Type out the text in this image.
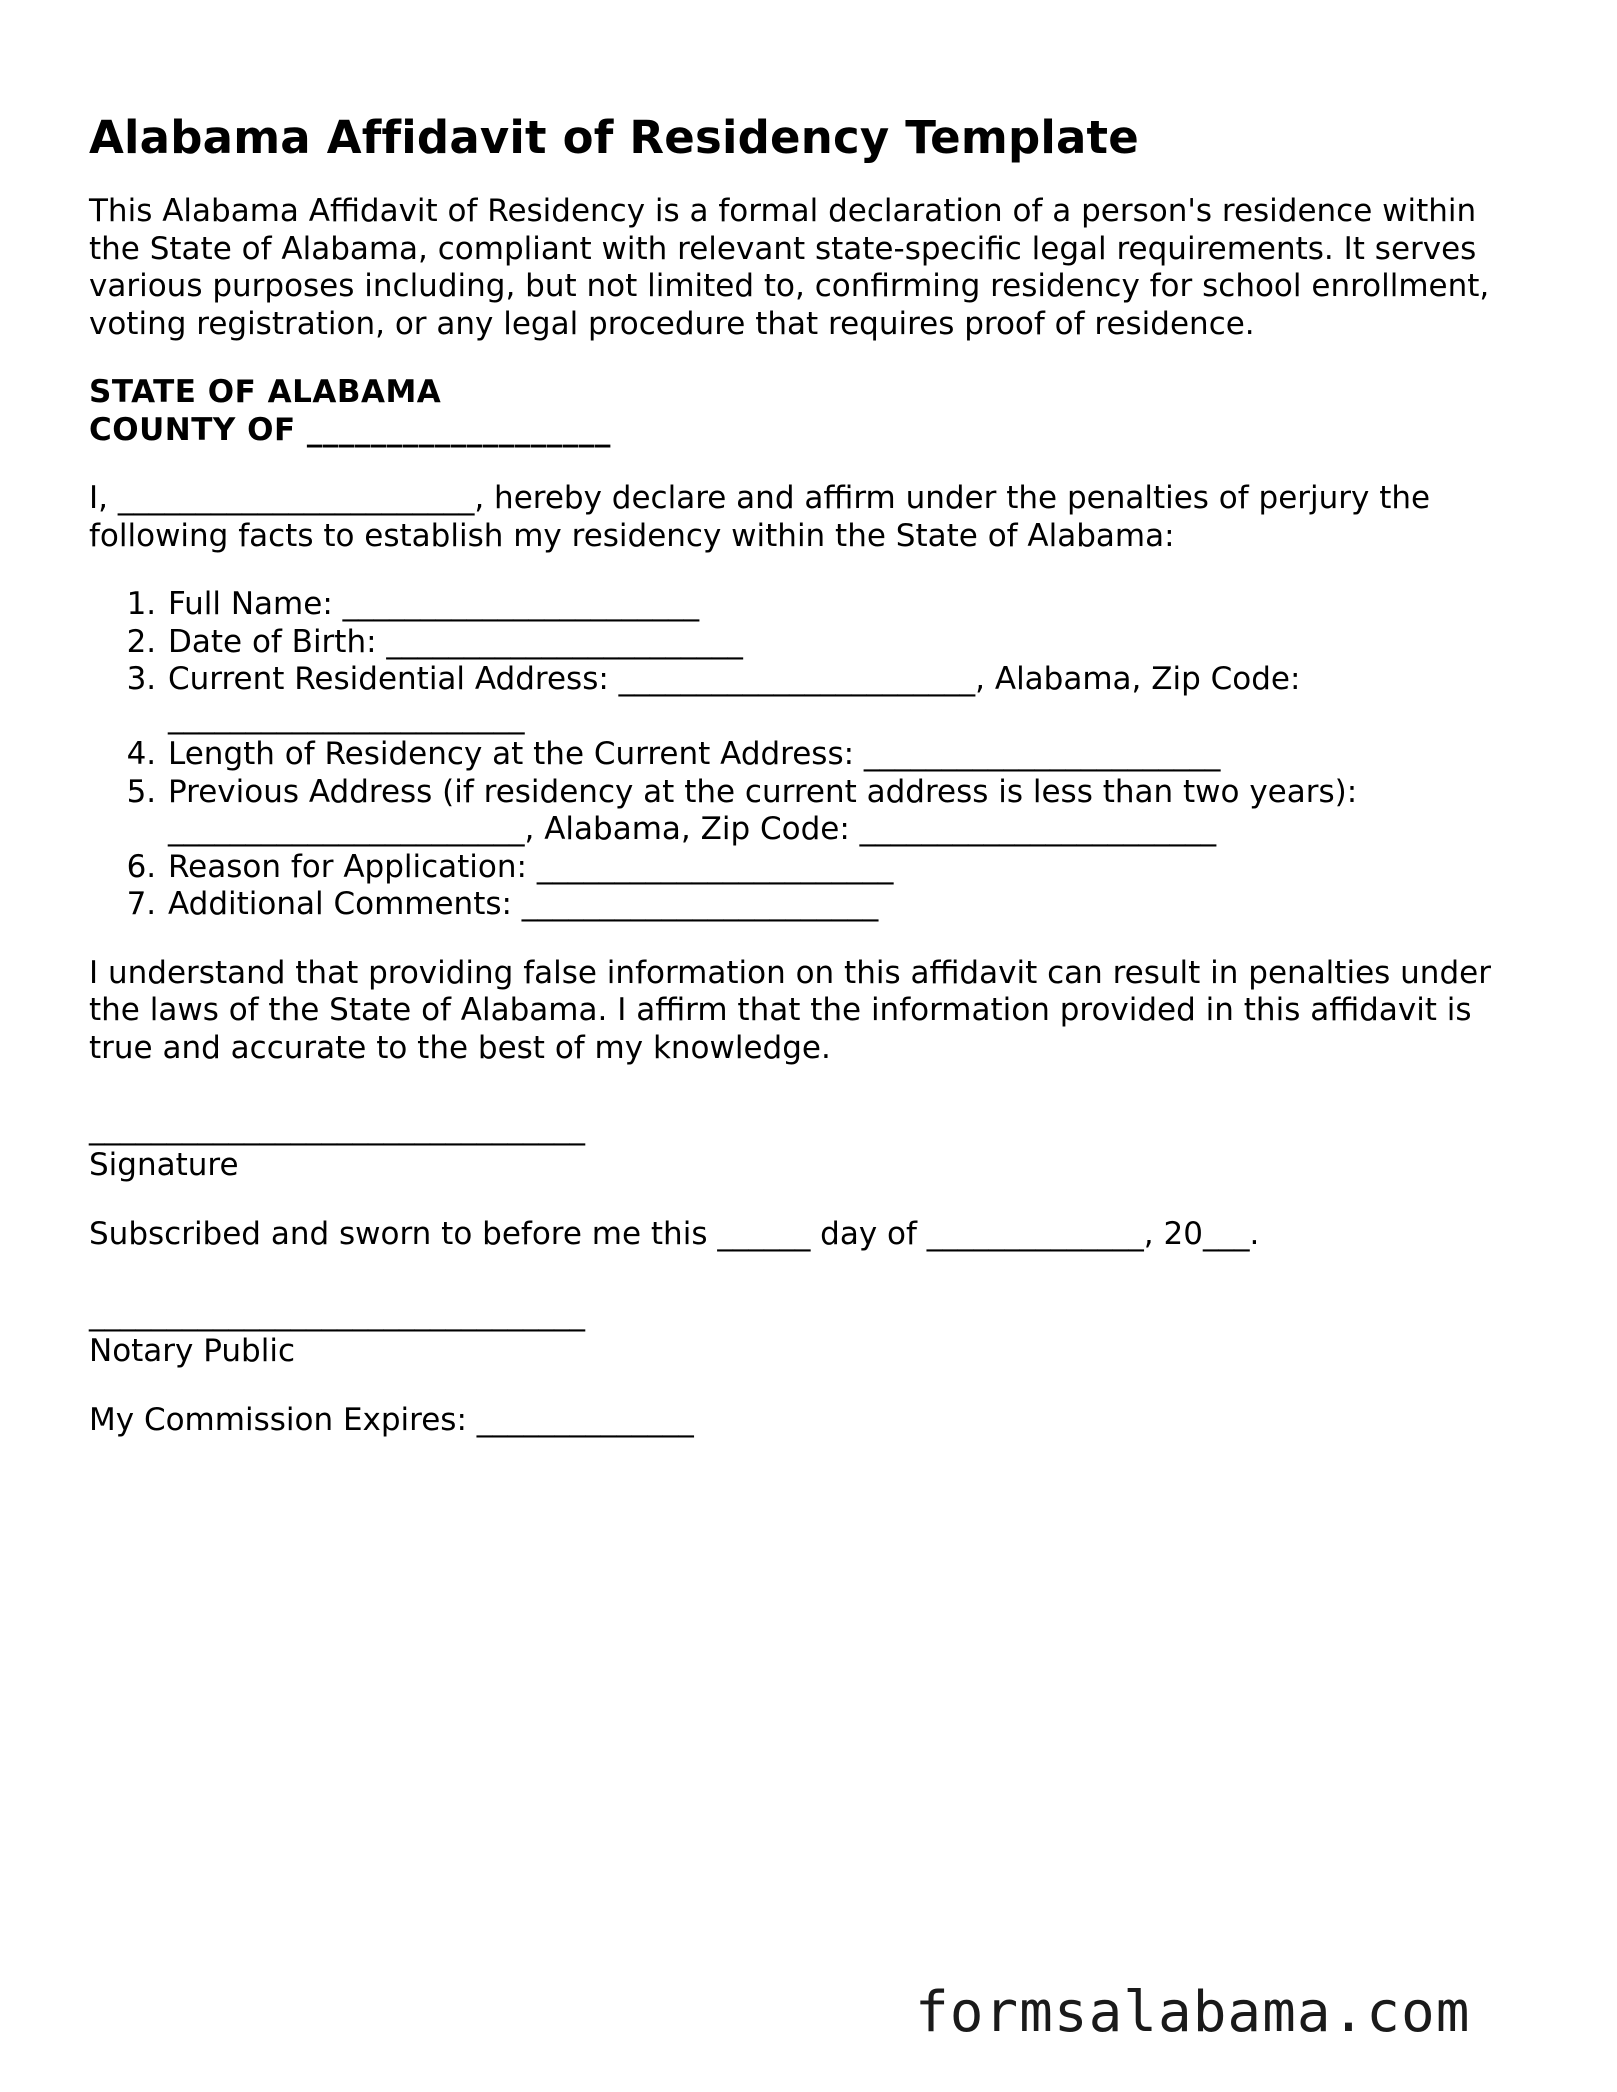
Alabama Affidavit of Residency Template

This Alabama Affidavit of Residency is a formal declaration of a person's residence within the State of Alabama, compliant with relevant state-specific legal requirements. It serves various purposes including, but not limited to, confirming residency for school enrollment, voting registration, or any legal procedure that requires proof of residence.

STATE OF ALABAMA
COUNTY OF ___________________

I, _______________________, hereby declare and affirm under the penalties of perjury the following facts to establish my residency within the State of Alabama:

1. Full Name: _______________________
2. Date of Birth: _______________________
3. Current Residential Address: _______________________, Alabama, Zip Code: _______________________
4. Length of Residency at the Current Address: _______________________
5. Previous Address (if residency at the current address is less than two years): _______________________, Alabama, Zip Code: _______________________
6. Reason for Application: _______________________
7. Additional Comments: _______________________

I understand that providing false information on this affidavit can result in penalties under the laws of the State of Alabama. I affirm that the information provided in this affidavit is true and accurate to the best of my knowledge.

________________________________
Signature
Subscribed and sworn to before me this ______ day of ______________, 20___.
________________________________
Notary Public
My Commission Expires: ______________
formsalabama.com
